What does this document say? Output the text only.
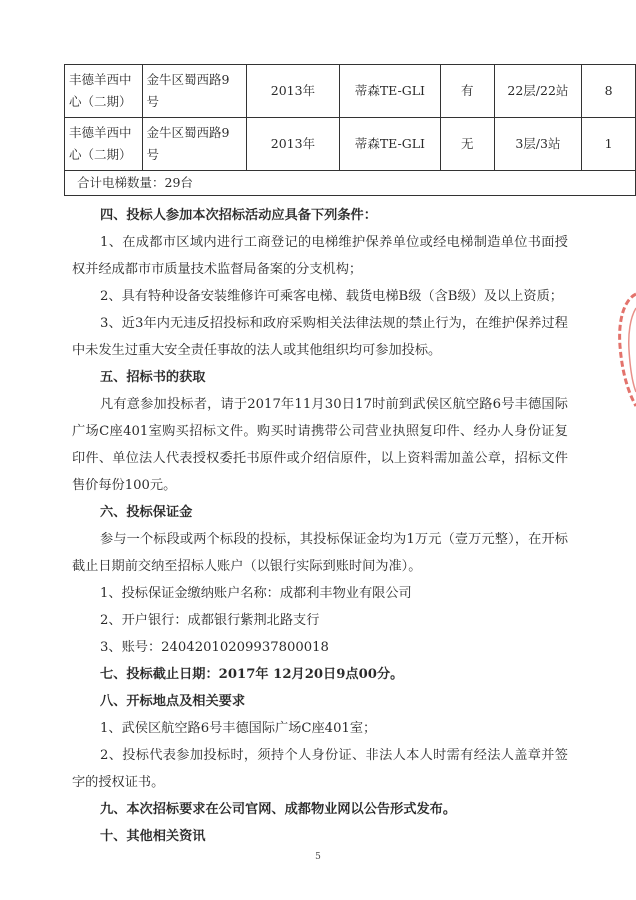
丰德羊西中心（二期）	金牛区蜀西路9号	2013年	蒂森TE-GLI	有	22层/22站	8
丰德羊西中心（二期）	金牛区蜀西路9号	2013年	蒂森TE-GLI	无	3层/3站	1
合计电梯数量：29台						
四、投标人参加本次招标活动应具备下列条件：
1、在成都市区域内进行工商登记的电梯维护保养单位或经电梯制造单位书面授权并经成都市市质量技术监督局备案的分支机构；
2、具有特种设备安装维修许可乘客电梯、载货电梯B级（含B级）及以上资质；
3、近3年内无违反招投标和政府采购相关法律法规的禁止行为，在维护保养过程中未发生过重大安全责任事故的法人或其他组织均可参加投标。
五、招标书的获取
凡有意参加投标者，请于2017年11月30日17时前到武侯区航空路6号丰德国际广场C座401室购买招标文件。购买时请携带公司营业执照复印件、经办人身份证复印件、单位法人代表授权委托书原件或介绍信原件，以上资料需加盖公章，招标文件售价每份100元。
六、投标保证金
参与一个标段或两个标段的投标，其投标保证金均为1万元（壹万元整），在开标截止日期前交纳至招标人账户（以银行实际到账时间为准）。
1、投标保证金缴纳账户名称：成都利丰物业有限公司
2、开户银行：成都银行紫荆北路支行
3、账号：24042010209937800018
七、投标截止日期：2017年 12月20日9点00分。
八、开标地点及相关要求
1、武侯区航空路6号丰德国际广场C座401室；
2、投标代表参加投标时，须持个人身份证、非法人本人时需有经法人盖章并签字的授权证书。
九、本次招标要求在公司官网、成都物业网以公告形式发布。
十、其他相关资讯
5
